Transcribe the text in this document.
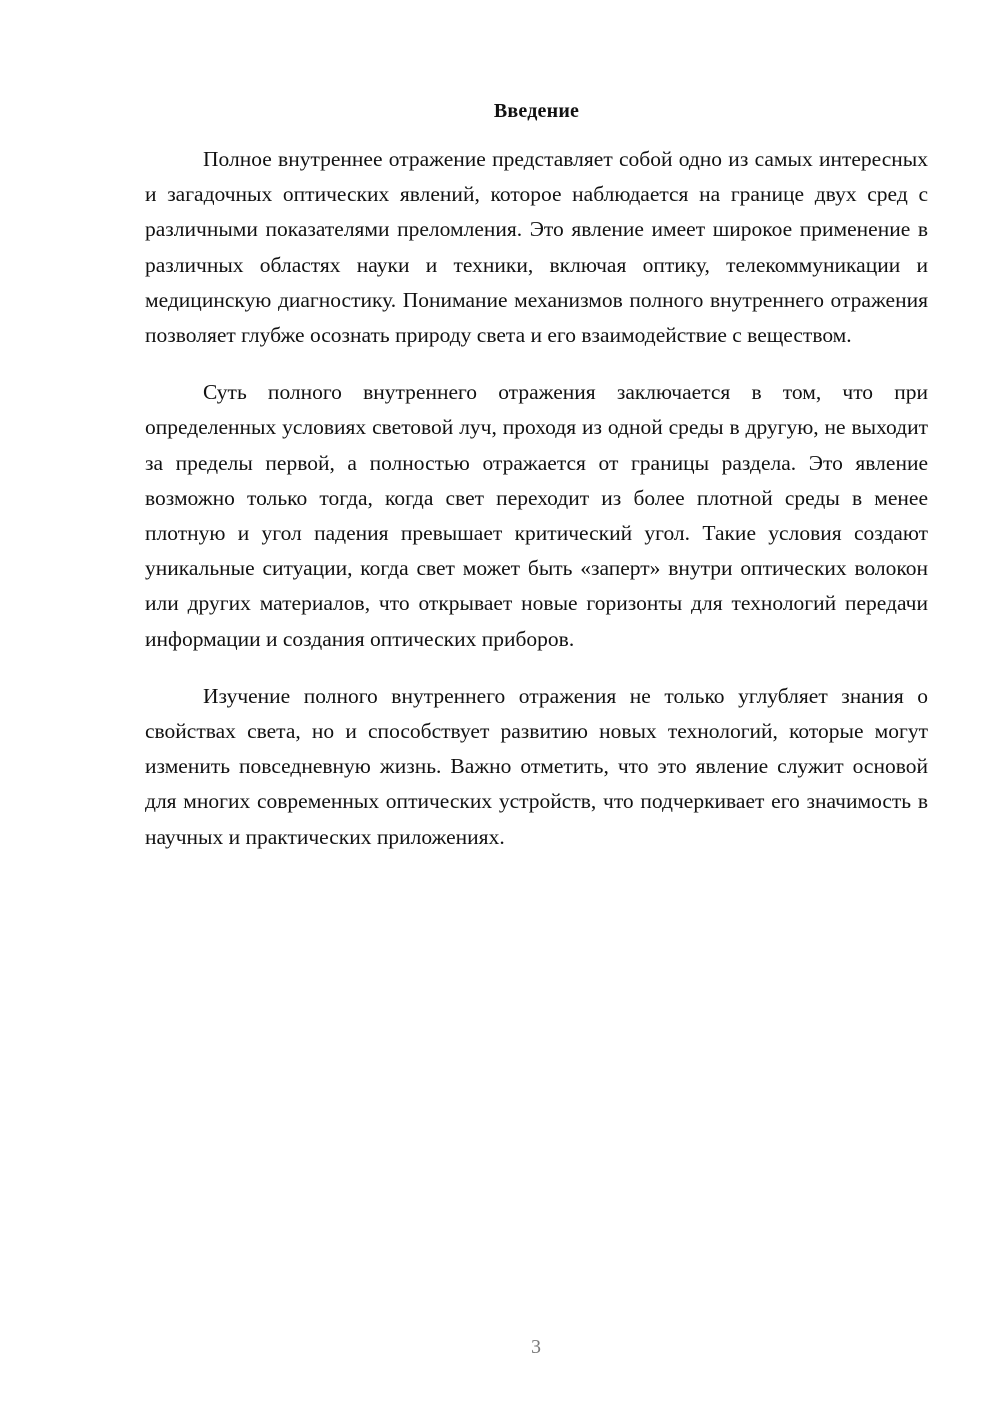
Введение

Полное внутреннее отражение представляет собой одно из самых интересных и загадочных оптических явлений, которое наблюдается на границе двух сред с различными показателями преломления. Это явление имеет широкое применение в различных областях науки и техники, включая оптику, телекоммуникации и медицинскую диагностику. Понимание механизмов полного внутреннего отражения позволяет глубже осознать природу света и его взаимодействие с веществом.

Суть полного внутреннего отражения заключается в том, что при определенных условиях световой луч, проходя из одной среды в другую, не выходит за пределы первой, а полностью отражается от границы раздела. Это явление возможно только тогда, когда свет переходит из более плотной среды в менее плотную и угол падения превышает критический угол. Такие условия создают уникальные ситуации, когда свет может быть «заперт» внутри оптических волокон или других материалов, что открывает новые горизонты для технологий передачи информации и создания оптических приборов.

Изучение полного внутреннего отражения не только углубляет знания о свойствах света, но и способствует развитию новых технологий, которые могут изменить повседневную жизнь. Важно отметить, что это явление служит основой для многих современных оптических устройств, что подчеркивает его значимость в научных и практических приложениях.

3
